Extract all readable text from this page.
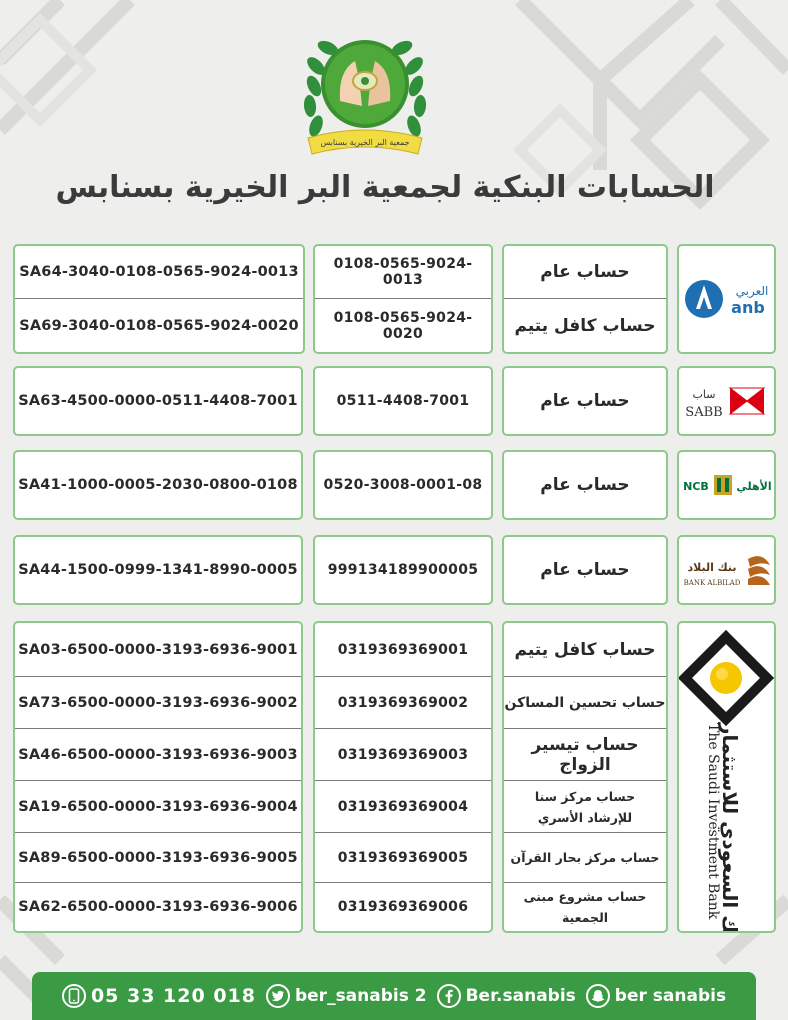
جمعية البر الخيرية بسنابس
الحسابات البنكية لجمعية البر الخيرية بسنابس
العربي
anb
حساب عام
حساب كافل يتيم
0108-0565-9024-0013
0108-0565-9024-0020
SA64-3040-0108-0565-9024-0013
SA69-3040-0108-0565-9024-0020
ساب
SABB
حساب عام
0511-4408-7001
SA63-4500-0000-0511-4408-7001
NCB	الأهلي
حساب عام
0520-3008-0001-08
SA41-1000-0005-2030-0800-0108
بنك البلاد
BANK ALBILAD
حساب عام
999134189900005
SA44-1500-0999-1341-8990-0005
The Saudi Investment Bank
البنك السعودي للاستثمار
حساب كافل يتيم
حساب تحسين المساكن
حساب تيسير الزواج
حساب مركز سنا للإرشاد الأسري
حساب مركز بحار القرآن
حساب مشروع مبنى الجمعية
0319369369001
0319369369002
0319369369003
0319369369004
0319369369005
0319369369006
SA03-6500-0000-3193-6936-9001
SA73-6500-0000-3193-6936-9002
SA46-6500-0000-3193-6936-9003
SA19-6500-0000-3193-6936-9004
SA89-6500-0000-3193-6936-9005
SA62-6500-0000-3193-6936-9006
05 33 120 018 ber_sanabis 2 Ber.sanabis ber sanabis
